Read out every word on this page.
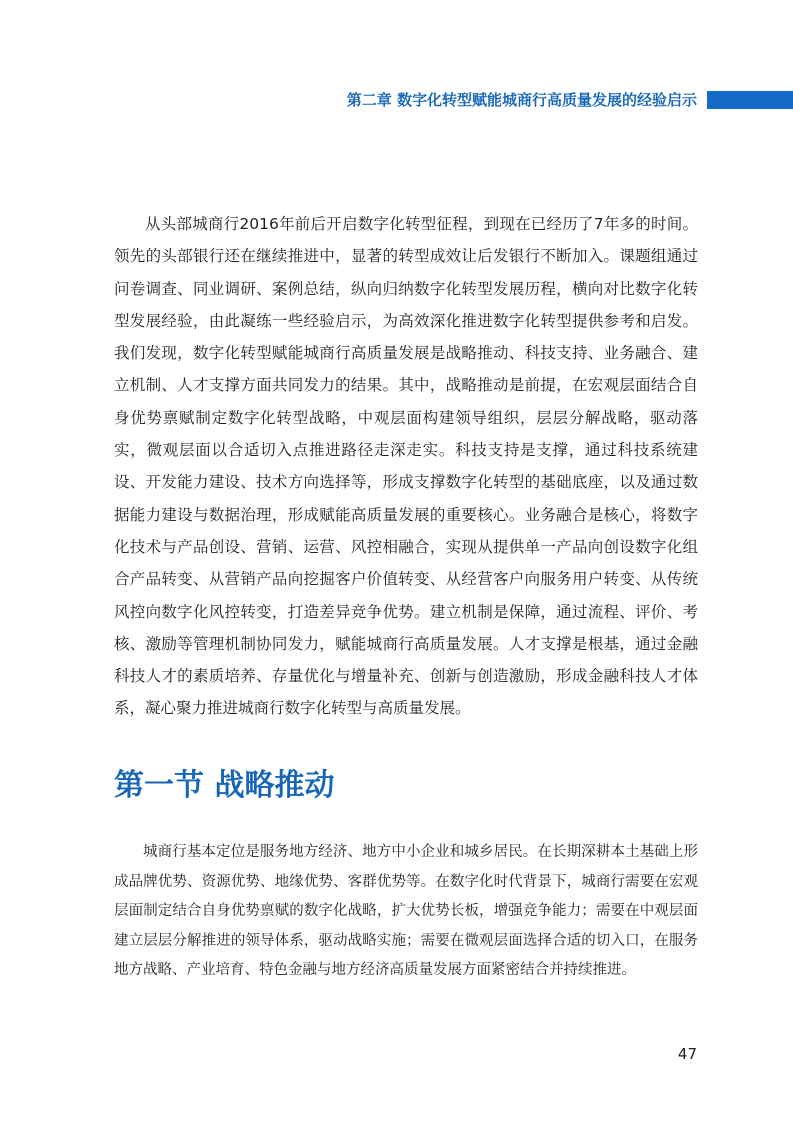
第二章 数字化转型赋能城商行高质量发展的经验启示

从头部城商行2016年前后开启数字化转型征程，到现在已经历了7年多的时间。领先的头部银行还在继续推进中，显著的转型成效让后发银行不断加入。课题组通过问卷调查、同业调研、案例总结，纵向归纳数字化转型发展历程，横向对比数字化转型发展经验，由此凝练一些经验启示，为高效深化推进数字化转型提供参考和启发。我们发现，数字化转型赋能城商行高质量发展是战略推动、科技支持、业务融合、建立机制、人才支撑方面共同发力的结果。其中，战略推动是前提，在宏观层面结合自身优势禀赋制定数字化转型战略，中观层面构建领导组织，层层分解战略，驱动落实，微观层面以合适切入点推进路径走深走实。科技支持是支撑，通过科技系统建设、开发能力建设、技术方向选择等，形成支撑数字化转型的基础底座，以及通过数据能力建设与数据治理，形成赋能高质量发展的重要核心。业务融合是核心，将数字化技术与产品创设、营销、运营、风控相融合，实现从提供单一产品向创设数字化组合产品转变、从营销产品向挖掘客户价值转变、从经营客户向服务用户转变、从传统风控向数字化风控转变，打造差异竞争优势。建立机制是保障，通过流程、评价、考核、激励等管理机制协同发力，赋能城商行高质量发展。人才支撑是根基，通过金融科技人才的素质培养、存量优化与增量补充、创新与创造激励，形成金融科技人才体系，凝心聚力推进城商行数字化转型与高质量发展。

第一节 战略推动

城商行基本定位是服务地方经济、地方中小企业和城乡居民。在长期深耕本土基础上形成品牌优势、资源优势、地缘优势、客群优势等。在数字化时代背景下，城商行需要在宏观层面制定结合自身优势禀赋的数字化战略，扩大优势长板，增强竞争能力；需要在中观层面建立层层分解推进的领导体系，驱动战略实施；需要在微观层面选择合适的切入口，在服务地方战略、产业培育、特色金融与地方经济高质量发展方面紧密结合并持续推进。

47
